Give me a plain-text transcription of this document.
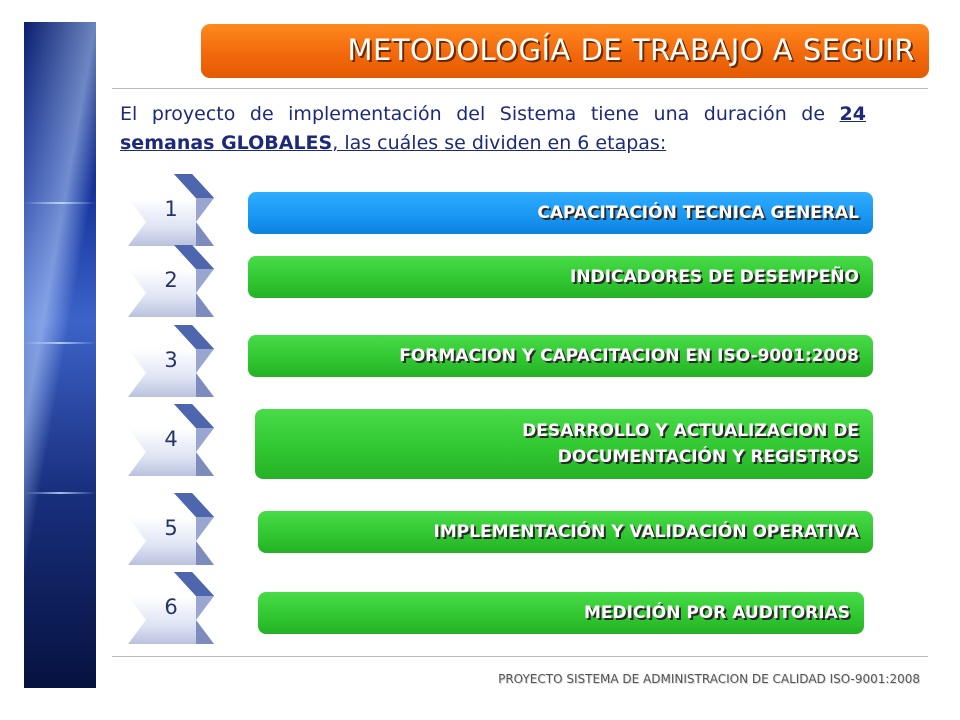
METODOLOGÍA DE TRABAJO A SEGUIR
El proyecto de implementación del Sistema tiene una duración de 24 semanas GLOBALES, las cuáles se dividen en 6 etapas:
1
2
3
4
5
6
CAPACITACIÓN TECNICA GENERAL
INDICADORES DE DESEMPEÑO
FORMACION Y CAPACITACION EN ISO-9001:2008
DESARROLLO Y ACTUALIZACION DE
DOCUMENTACIÓN Y REGISTROS
IMPLEMENTACIÓN Y VALIDACIÓN OPERATIVA
MEDICIÓN POR AUDITORIAS
PROYECTO SISTEMA DE ADMINISTRACION DE CALIDAD ISO-9001:2008
